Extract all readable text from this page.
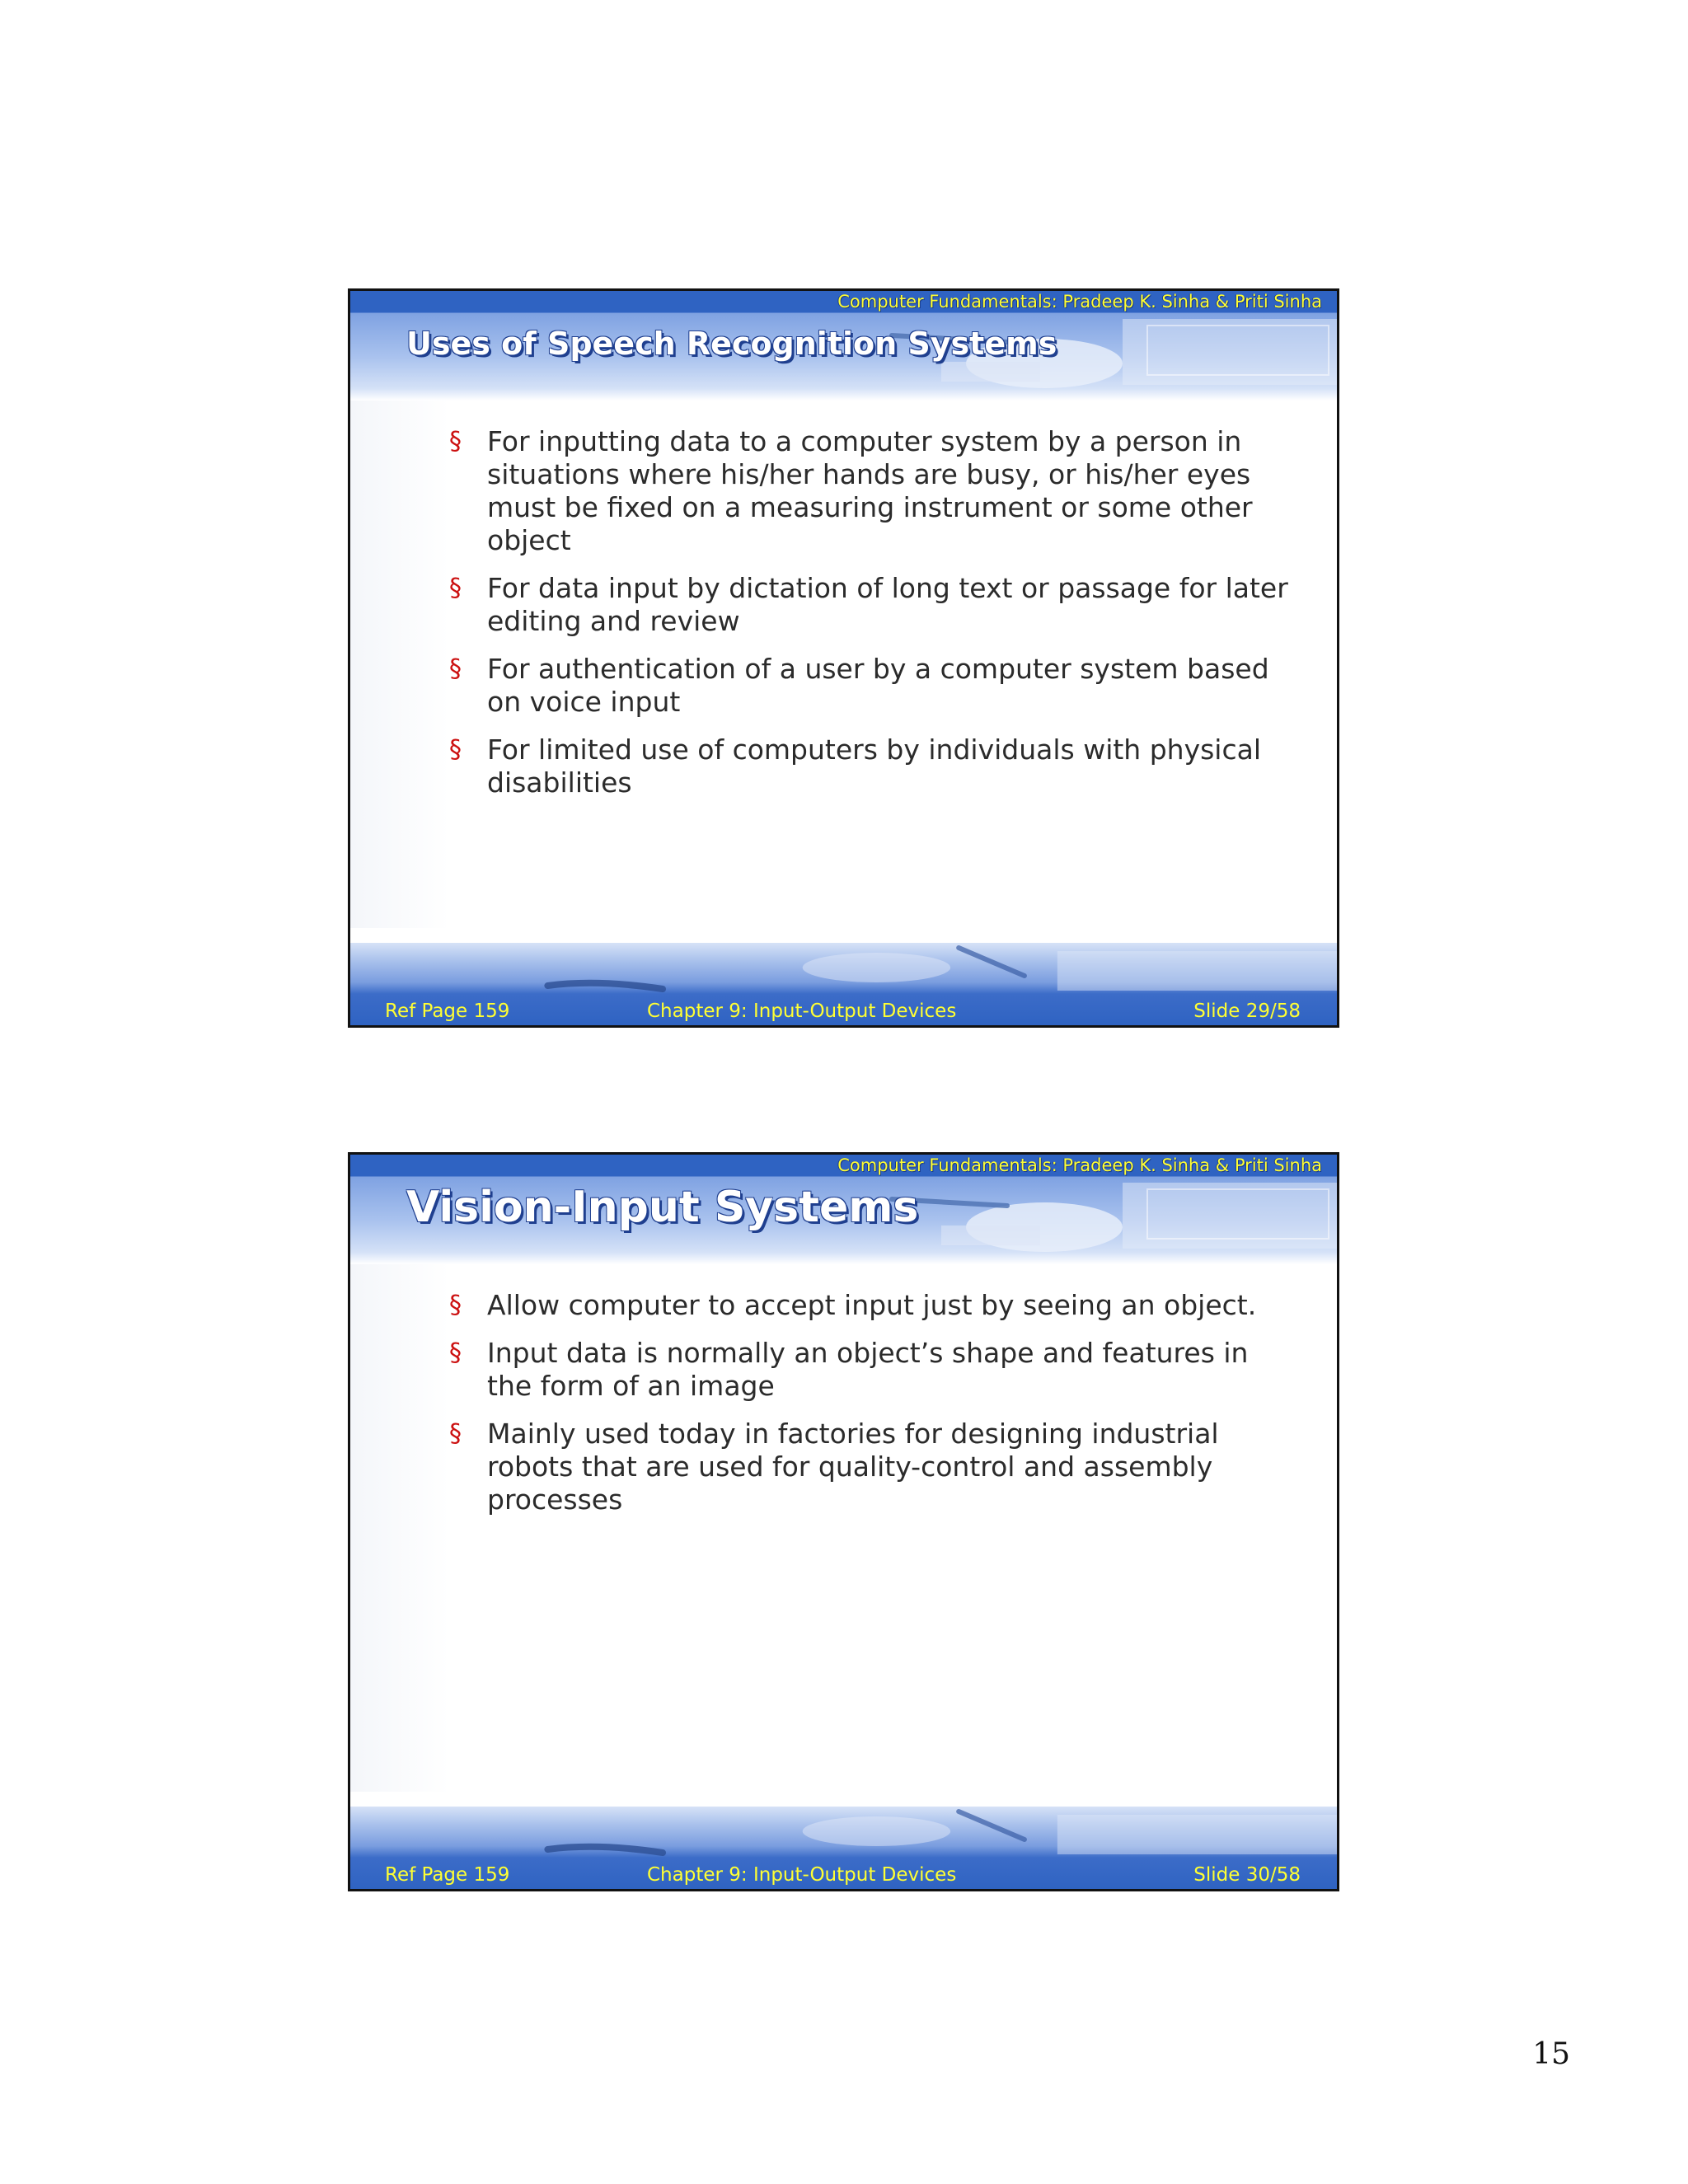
Computer Fundamentals: Pradeep K. Sinha & Priti Sinha
Uses of Speech Recognition Systems
§ For inputting data to a computer system by a person in situations where his/her hands are busy, or his/her eyes must be fixed on a measuring instrument or some other object
§ For data input by dictation of long text or passage for later editing and review
§ For authentication of a user by a computer system based on voice input
§ For limited use of computers by individuals with physical disabilities
Ref Page 159	Chapter 9: Input-Output Devices	Slide 29/58
Computer Fundamentals: Pradeep K. Sinha & Priti Sinha
Vision-Input Systems
§ Allow computer to accept input just by seeing an object.
§ Input data is normally an object’s shape and features in the form of an image
§ Mainly used today in factories for designing industrial robots that are used for quality-control and assembly processes
Ref Page 159	Chapter 9: Input-Output Devices	Slide 30/58
15
